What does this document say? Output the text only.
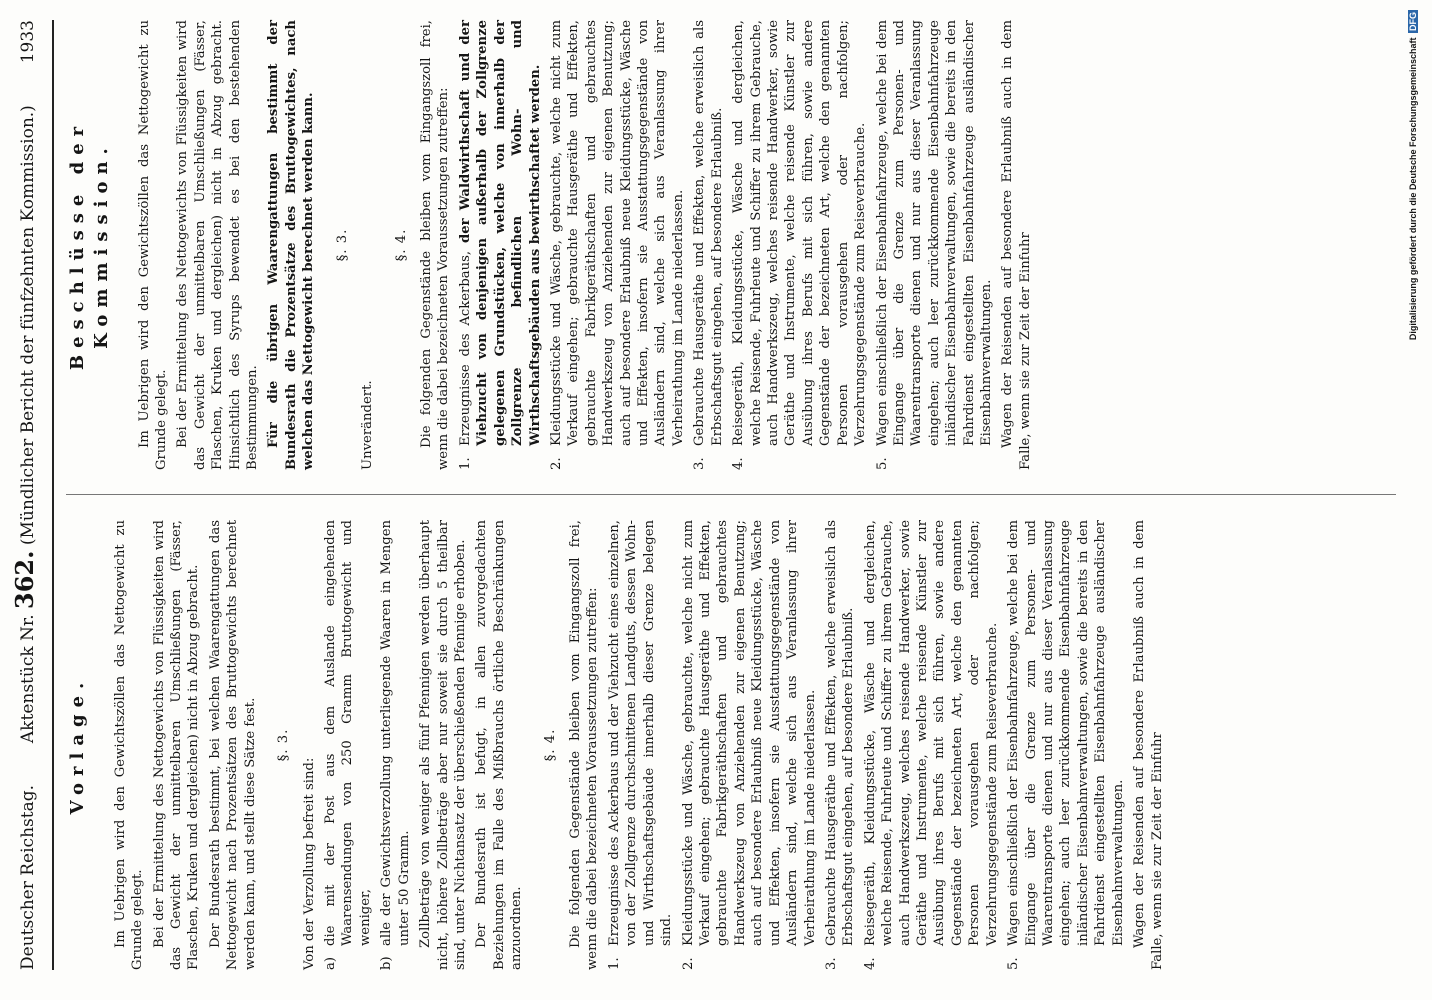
Deutscher Reichstag.
Aktenstück Nr. 362. (Mündlicher Bericht der fünfzehnten Kommission.)
1933
Vorlage. Im Uebrigen wird den Gewichtszöllen das Nettogewicht zu Grunde gelegt. Bei der Ermittelung des Nettogewichts von Flüssigkeiten wird das Gewicht der unmittelbaren Umschließungen (Fässer, Flaschen, Kruken und dergleichen) nicht in Abzug gebracht. Der Bundesrath bestimmt, bei welchen Waarengattungen das Nettogewicht nach Prozentsätzen des Bruttogewichts berechnet werden kann, und stellt diese Sätze fest. §. 3.

Von der Verzollung befreit sind: a)
die mit der Post aus dem Auslande eingehenden Waarensendungen von 250 Gramm Bruttogewicht und weniger,
b)
alle der Gewichtsverzollung unterliegende Waaren in Mengen unter 50 Gramm. Zollbeträge von weniger als fünf Pfennigen werden überhaupt nicht, höhere Zollbeträge aber nur soweit sie durch 5 theilbar sind, unter Nichtansatz der überschießenden Pfennige erhoben. Der Bundesrath ist befugt, in allen zuvorgedachten Beziehungen im Falle des Mißbrauchs örtliche Beschränkungen anzuordnen.

§. 4. Die folgenden Gegenstände bleiben vom Eingangszoll frei, wenn die dabei bezeichneten Voraussetzungen zutreffen: 1.
Erzeugnisse des Ackerbaus und der Viehzucht eines einzelnen, von der Zollgrenze durchschnittenen Landguts, dessen Wohn- und Wirthschaftsgebäude innerhalb dieser Grenze belegen sind.
2.
Kleidungsstücke und Wäsche, gebrauchte, welche nicht zum Verkauf eingehen; gebrauchte Hausgeräthe und Effekten, gebrauchte Fabrikgeräthschaften und gebrauchtes Handwerkszeug von Anziehenden zur eigenen Benutzung; auch auf besondere Erlaubniß neue Kleidungsstücke, Wäsche und Effekten, insofern sie Ausstattungsgegenstände von Ausländern sind, welche sich aus Veranlassung ihrer Verheirathung im Lande niederlassen.
3.
Gebrauchte Hausgeräthe und Effekten, welche erweislich als Erbschaftsgut eingehen, auf besondere Erlaubniß.
4.
Reisegeräth, Kleidungsstücke, Wäsche und dergleichen, welche Reisende, Fuhrleute und Schiffer zu ihrem Gebrauche, auch Handwerkszeug, welches reisende Handwerker, sowie Geräthe und Instrumente, welche reisende Künstler zur Ausübung ihres Berufs mit sich führen, sowie andere Gegenstände der bezeichneten Art, welche den genannten Personen vorausgehen oder nachfolgen; Verzehrungsgegenstände zum Reiseverbrauche.
5.
Wagen einschließlich der Eisenbahnfahrzeuge, welche bei dem Eingange über die Grenze zum Personen- und Waarentransporte dienen und nur aus dieser Veranlassung eingehen; auch leer zurückkommende Eisenbahnfahrzeuge inländischer Eisenbahnverwaltungen, sowie die bereits in den Fahrdienst eingestellten Eisenbahnfahrzeuge ausländischer Eisenbahnverwaltungen. Wagen der Reisenden auf besondere Erlaubniß auch in dem Falle, wenn sie zur Zeit der Einfuhr

Beschlüsse der Kommission. Im Uebrigen wird den Gewichtszöllen das Nettogewicht zu Grunde gelegt. Bei der Ermittelung des Nettogewichts von Flüssigkeiten wird das Gewicht der unmittelbaren Umschließungen (Fässer, Flaschen, Kruken und dergleichen) nicht in Abzug gebracht. Hinsichtlich des Syrups bewendet es bei den bestehenden Bestimmungen. Für die übrigen Waarengattungen bestimmt der Bundesrath die Prozentsätze des Bruttogewichtes, nach welchen das Nettogewicht berechnet werden kann. §. 3.

Unverändert.

§. 4. Die folgenden Gegenstände bleiben vom Eingangszoll frei, wenn die dabei bezeichneten Voraussetzungen zutreffen: 1.
Erzeugnisse des Ackerbaus, der Waldwirthschaft und der Viehzucht von denjenigen außerhalb der Zollgrenze gelegenen Grundstücken, welche von innerhalb der Zollgrenze befindlichen Wohn- und Wirthschaftsgebäuden aus bewirthschaftet werden.
2.
Kleidungsstücke und Wäsche, gebrauchte, welche nicht zum Verkauf eingehen; gebrauchte Hausgeräthe und Effekten, gebrauchte Fabrikgeräthschaften und gebrauchtes Handwerkszeug von Anziehenden zur eigenen Benutzung; auch auf besondere Erlaubniß neue Kleidungsstücke, Wäsche und Effekten, insofern sie Ausstattungsgegenstände von Ausländern sind, welche sich aus Veranlassung ihrer Verheirathung im Lande niederlassen.
3.
Gebrauchte Hausgeräthe und Effekten, welche erweislich als Erbschaftsgut eingehen, auf besondere Erlaubniß.
4.
Reisegeräth, Kleidungsstücke, Wäsche und dergleichen, welche Reisende, Fuhrleute und Schiffer zu ihrem Gebrauche, auch Handwerkszeug, welches reisende Handwerker, sowie Geräthe und Instrumente, welche reisende Künstler zur Ausübung ihres Berufs mit sich führen, sowie andere Gegenstände der bezeichneten Art, welche den genannten Personen vorausgehen oder nachfolgen; Verzehrungsgegenstände zum Reiseverbrauche.
5.
Wagen einschließlich der Eisenbahnfahrzeuge, welche bei dem Eingange über die Grenze zum Personen- und Waarentransporte dienen und nur aus dieser Veranlassung eingehen; auch leer zurückkommende Eisenbahnfahrzeuge inländischer Eisenbahnverwaltungen, sowie die bereits in den Fahrdienst eingestellten Eisenbahnfahrzeuge ausländischer Eisenbahnverwaltungen. Wagen der Reisenden auf besondere Erlaubniß auch in dem Falle, wenn sie zur Zeit der Einfuhr

Digitalisierung gefördert durch die Deutsche Forschungsgemeinschaft DFG
